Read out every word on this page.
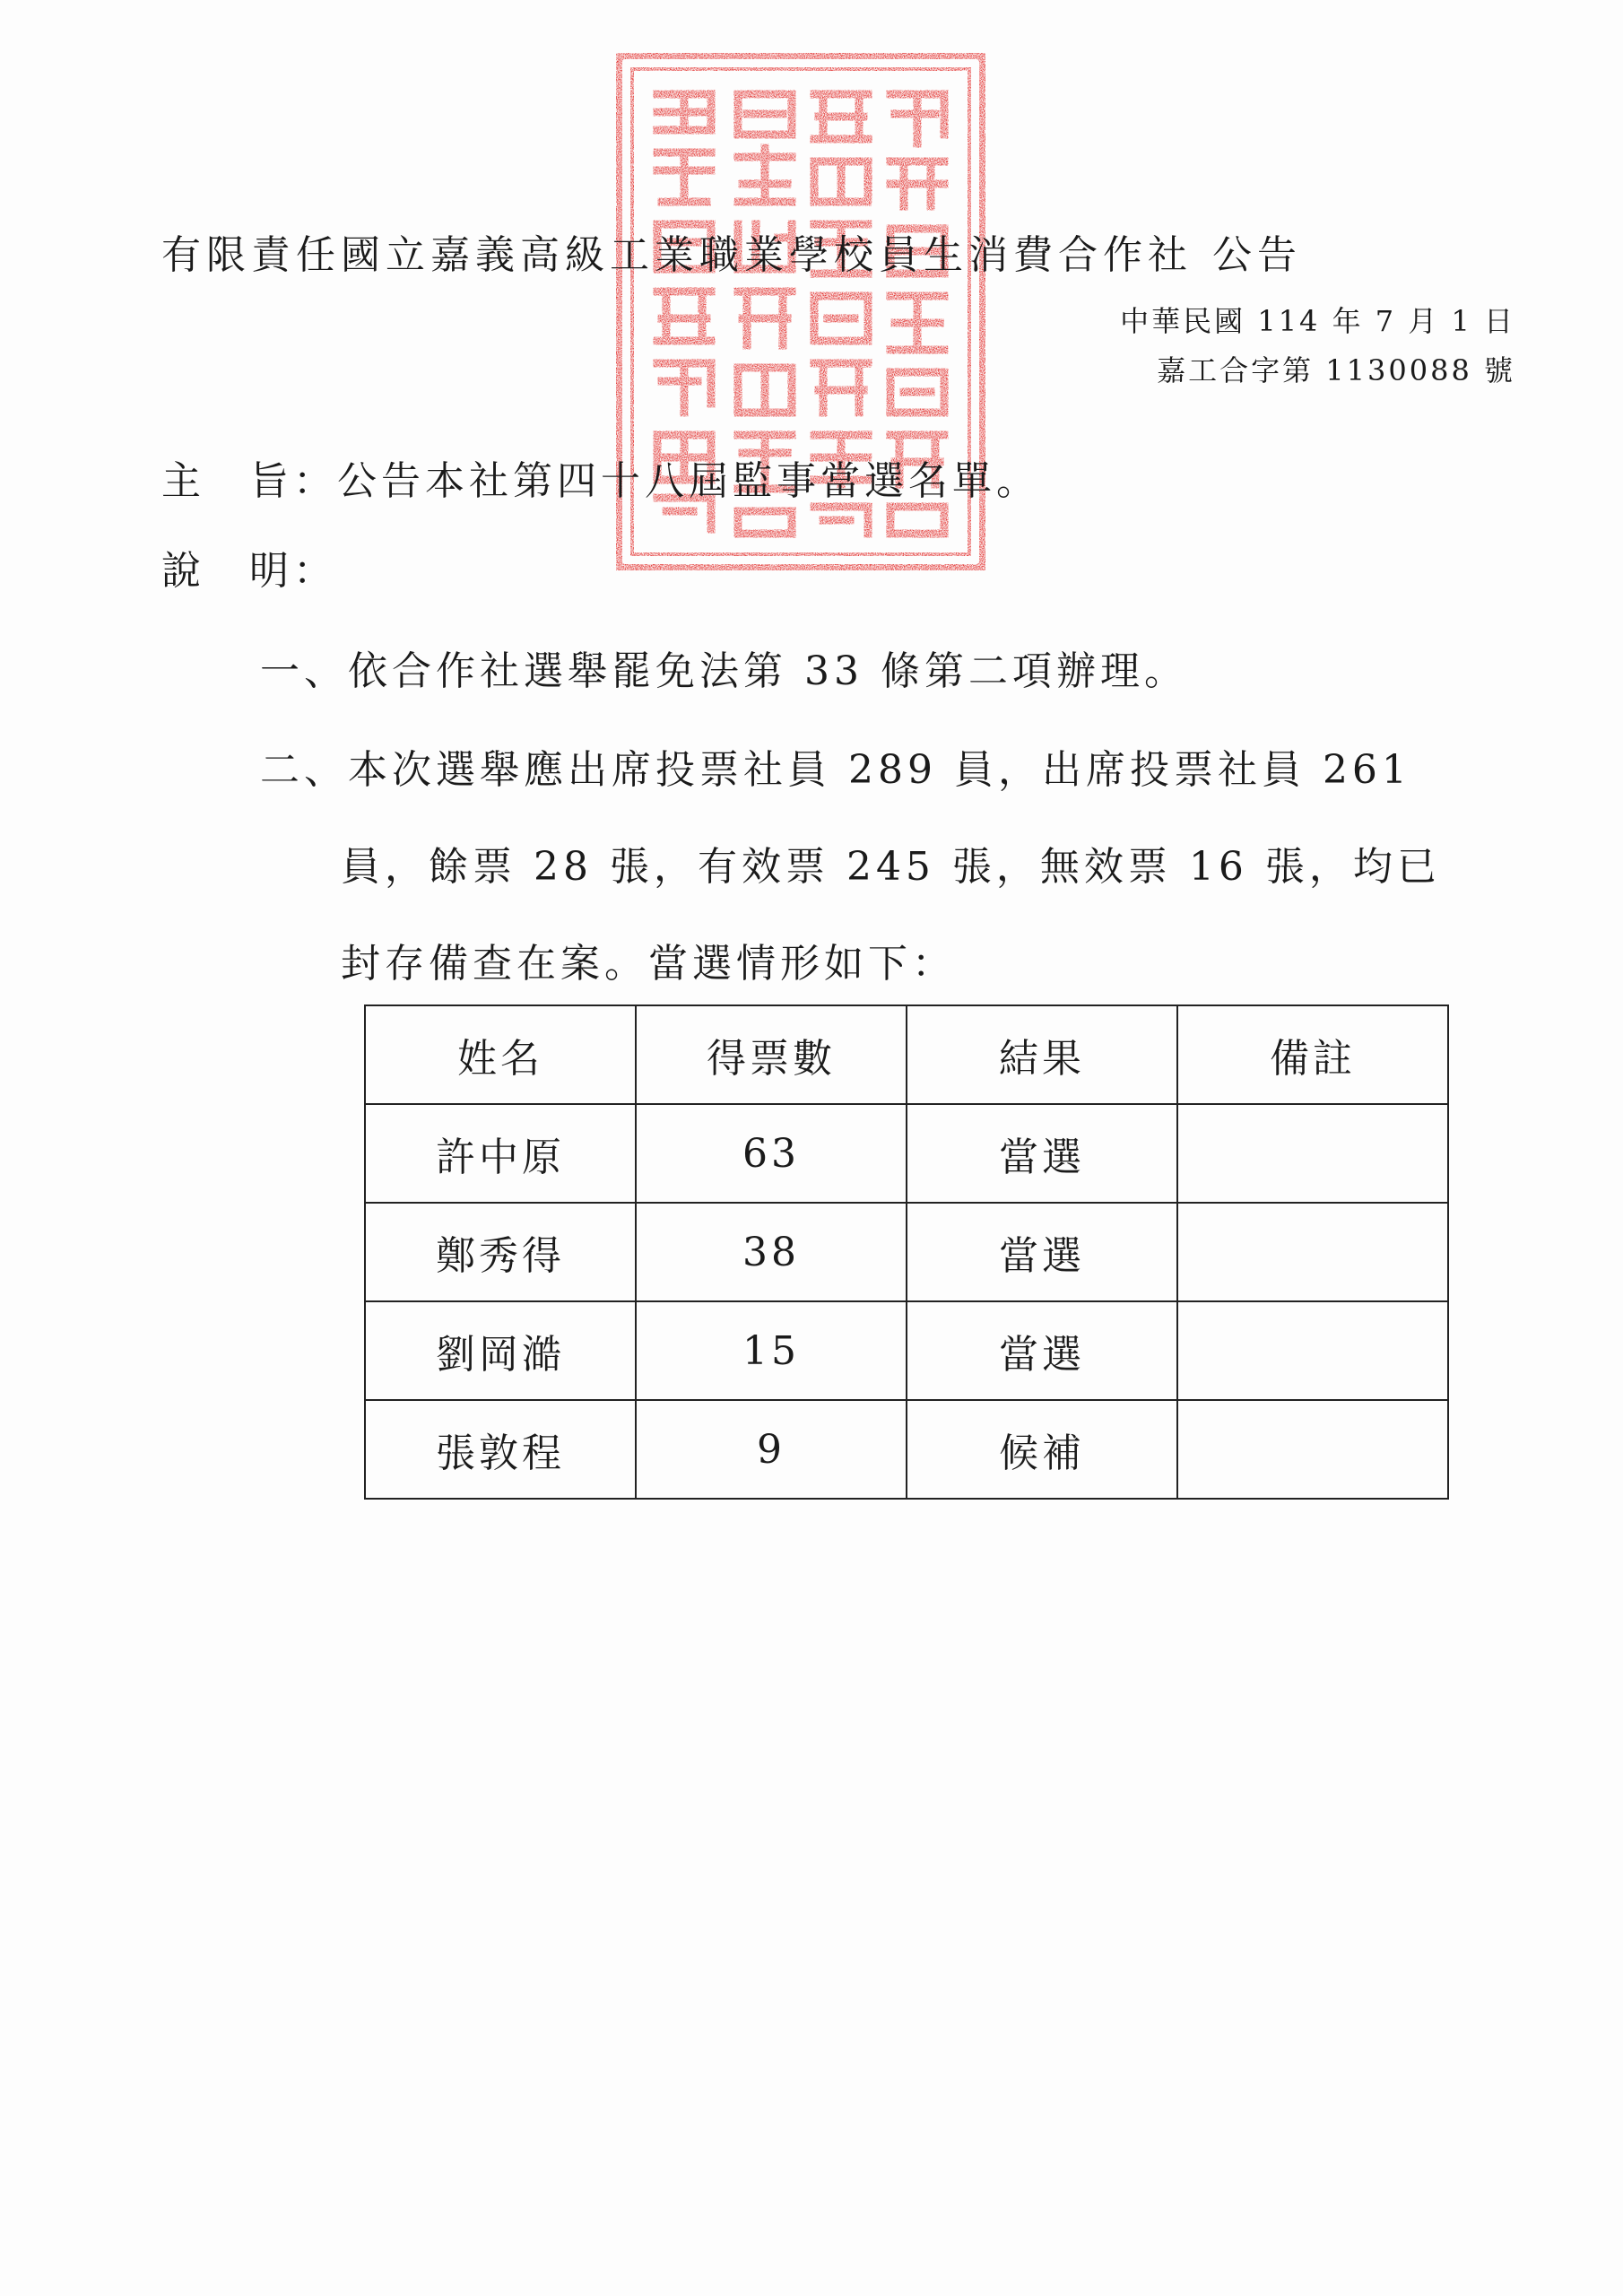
有限責任國立嘉義高級工業職業學校員生消費合作社 公告
中華民國 114 年 7 月 1 日
嘉工合字第 1130088 號
主　旨：公告本社第四十八屆監事當選名單。
說　明：
一、依合作社選舉罷免法第 33 條第二項辦理。
二、本次選舉應出席投票社員 289 員，出席投票社員 261
員，餘票 28 張，有效票 245 張，無效票 16 張，均已
封存備查在案。當選情形如下：
姓名	得票數	結果	備註
許中原	63	當選	
鄭秀得	38	當選	
劉岡澔	15	當選	
張敦程	9	候補	
